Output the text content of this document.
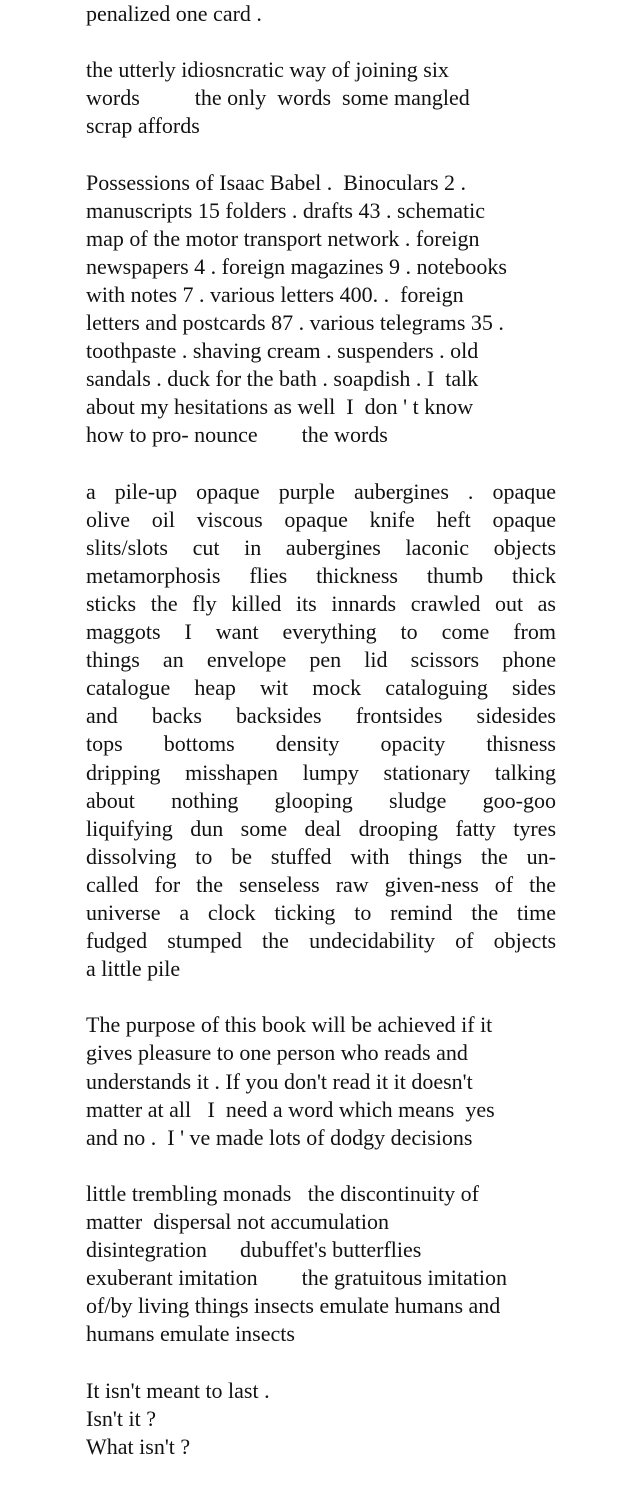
penalized one card .
the utterly idiosncratic way of joining six
words          the only  words  some mangled
scrap affords
Possessions of Isaac Babel .  Binoculars 2 .
manuscripts 15 folders . drafts 43 . schematic
map of the motor transport network . foreign
newspapers 4 . foreign magazines 9 . notebooks
with notes 7 . various letters 400. .  foreign
letters and postcards 87 . various telegrams 35 .
toothpaste . shaving cream . suspenders . old
sandals . duck for the bath . soapdish . I  talk
about my hesitations as well  I  don ' t know
how to pro- nounce        the words
a pile-up opaque purple aubergines . opaque
olive oil viscous opaque knife heft opaque
slits/slots cut in aubergines laconic objects
metamorphosis flies thickness thumb thick
sticks the fly killed its innards crawled out as
maggots I want everything to come from
things an envelope pen lid scissors phone
catalogue heap wit mock cataloguing sides
and backs backsides frontsides sidesides
tops bottoms density opacity thisness
dripping misshapen lumpy stationary talking
about nothing glooping sludge goo-goo
liquifying dun some deal drooping fatty tyres
dissolving to be stuffed with things the un-
called for the senseless raw given-ness of the
universe a clock ticking to remind the time
fudged stumped the undecidability of objects
a little pile
The purpose of this book will be achieved if it
gives pleasure to one person who reads and
understands it . If you don't read it it doesn't
matter at all   I  need a word which means  yes
and no .  I ' ve made lots of dodgy decisions
little trembling monads   the discontinuity of
matter  dispersal not accumulation
disintegration      dubuffet's butterflies
exuberant imitation        the gratuitous imitation
of/by living things insects emulate humans and
humans emulate insects
It isn't meant to last .
Isn't it ?
What isn't ?
